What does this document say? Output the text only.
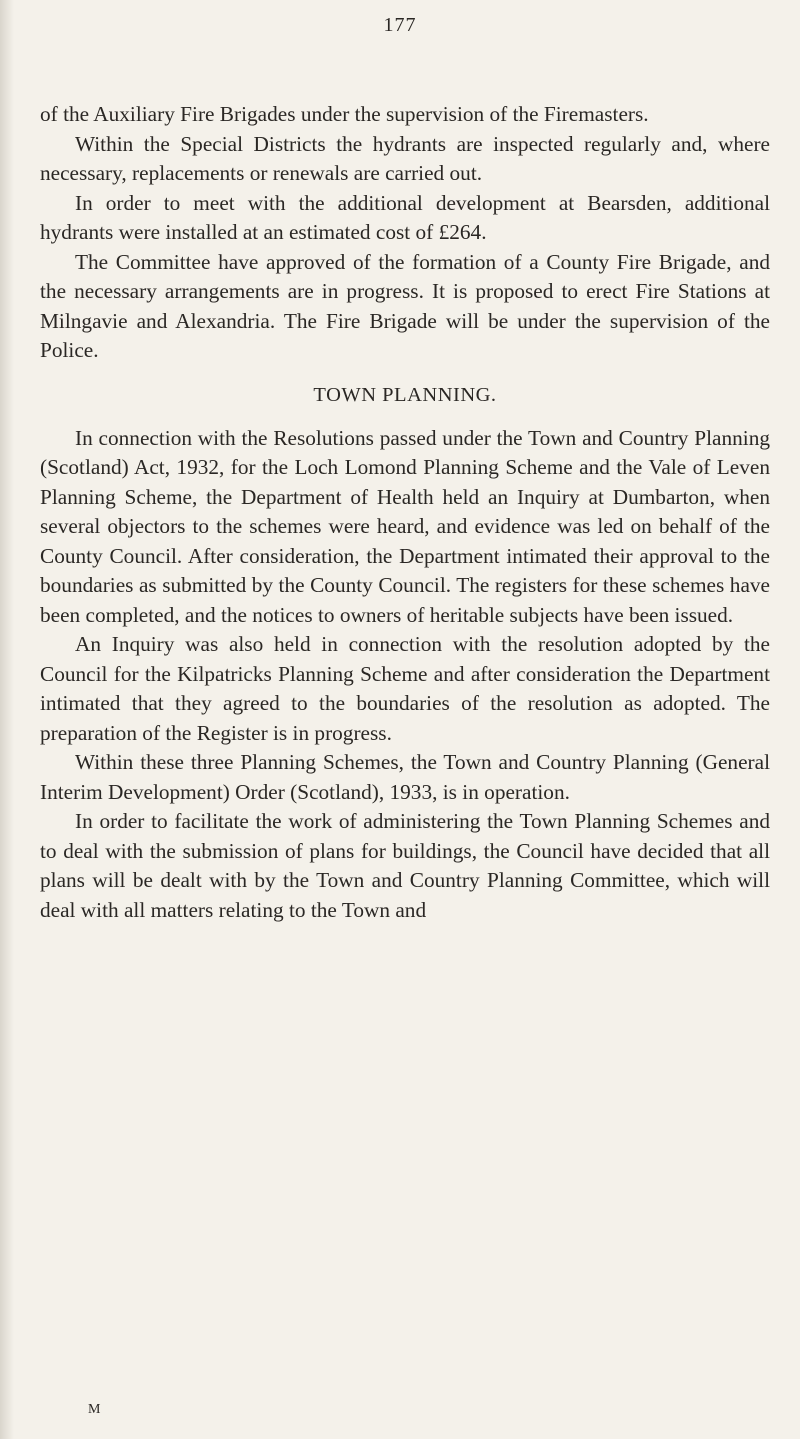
177

of the Auxiliary Fire Brigades under the supervision of the Firemasters.

Within the Special Districts the hydrants are inspected regularly and, where necessary, replacements or renewals are carried out.

In order to meet with the additional development at Bearsden, additional hydrants were installed at an estimated cost of £264.

The Committee have approved of the formation of a County Fire Brigade, and the necessary arrangements are in progress. It is proposed to erect Fire Stations at Milngavie and Alexandria. The Fire Brigade will be under the supervision of the Police.

TOWN PLANNING.

In connection with the Resolutions passed under the Town and Country Planning (Scotland) Act, 1932, for the Loch Lomond Planning Scheme and the Vale of Leven Planning Scheme, the Department of Health held an Inquiry at Dumbarton, when several objectors to the schemes were heard, and evidence was led on behalf of the County Council. After consideration, the Department intimated their approval to the boundaries as submitted by the County Council. The registers for these schemes have been completed, and the notices to owners of heritable subjects have been issued.

An Inquiry was also held in connection with the resolution adopted by the Council for the Kilpatricks Planning Scheme and after consideration the Department intimated that they agreed to the boundaries of the resolution as adopted. The preparation of the Register is in progress.

Within these three Planning Schemes, the Town and Country Planning (General Interim Development) Order (Scotland), 1933, is in operation.

In order to facilitate the work of administering the Town Planning Schemes and to deal with the submission of plans for buildings, the Council have decided that all plans will be dealt with by the Town and Country Planning Committee, which will deal with all matters relating to the Town and

M
